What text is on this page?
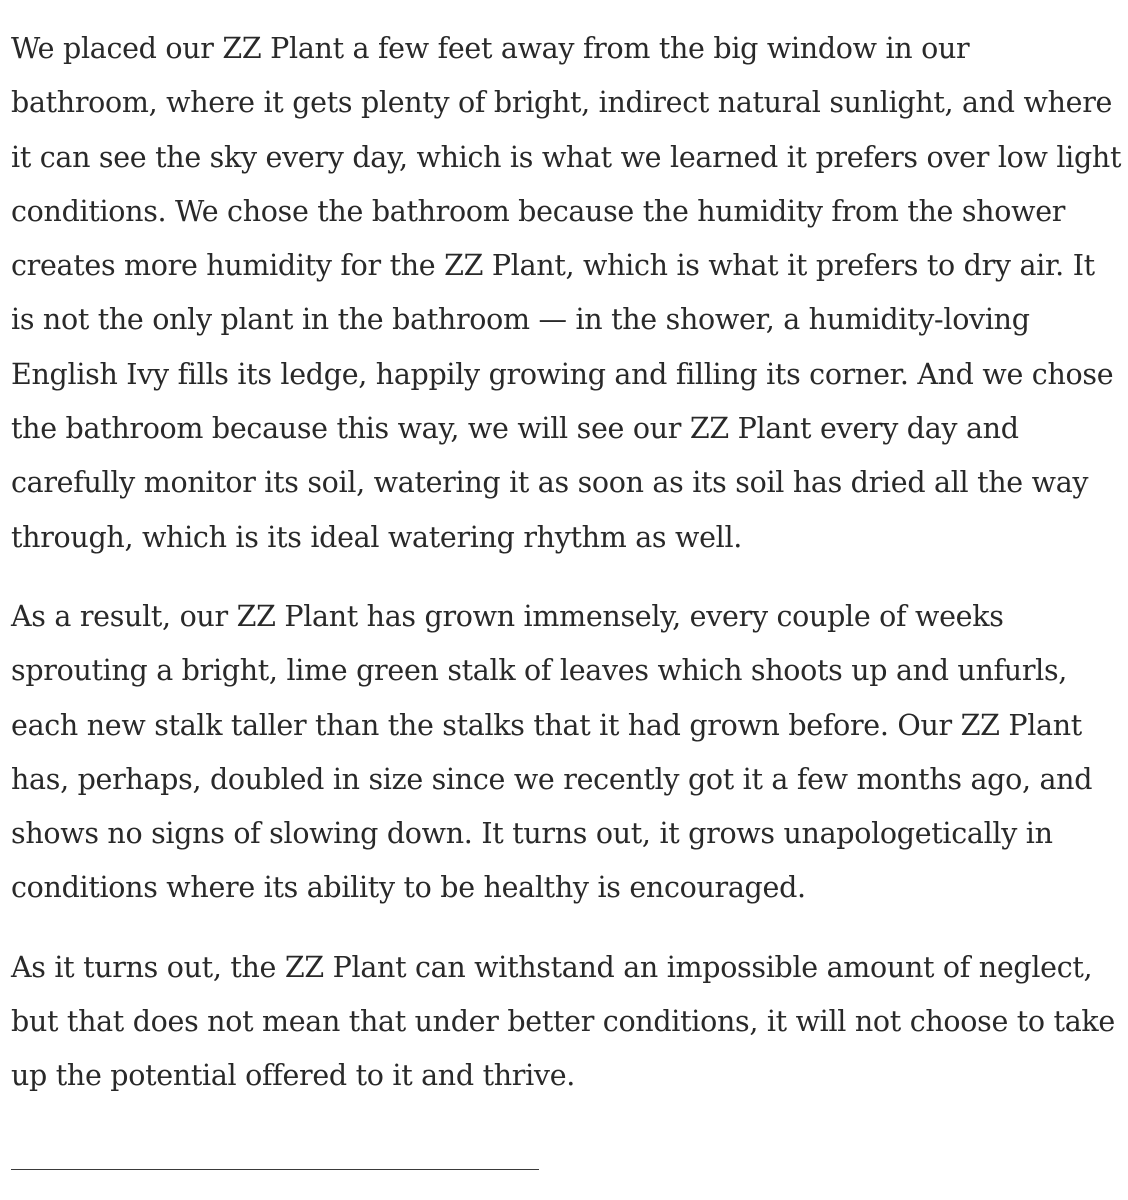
We placed our ZZ Plant a few feet away from the big window in our bathroom, where it gets plenty of bright, indirect natural sunlight, and where it can see the sky every day, which is what we learned it prefers over low light conditions. We chose the bathroom because the humidity from the shower creates more humidity for the ZZ Plant, which is what it prefers to dry air. It is not the only plant in the bathroom — in the shower, a humidity-loving English Ivy fills its ledge, happily growing and filling its corner. And we chose the bathroom because this way, we will see our ZZ Plant every day and carefully monitor its soil, watering it as soon as its soil has dried all the way through, which is its ideal watering rhythm as well.

As a result, our ZZ Plant has grown immensely, every couple of weeks sprouting a bright, lime green stalk of leaves which shoots up and unfurls, each new stalk taller than the stalks that it had grown before. Our ZZ Plant has, perhaps, doubled in size since we recently got it a few months ago, and shows no signs of slowing down. It turns out, it grows unapologetically in conditions where its ability to be healthy is encouraged.

As it turns out, the ZZ Plant can withstand an impossible amount of neglect, but that does not mean that under better conditions, it will not choose to take up the potential offered to it and thrive.
